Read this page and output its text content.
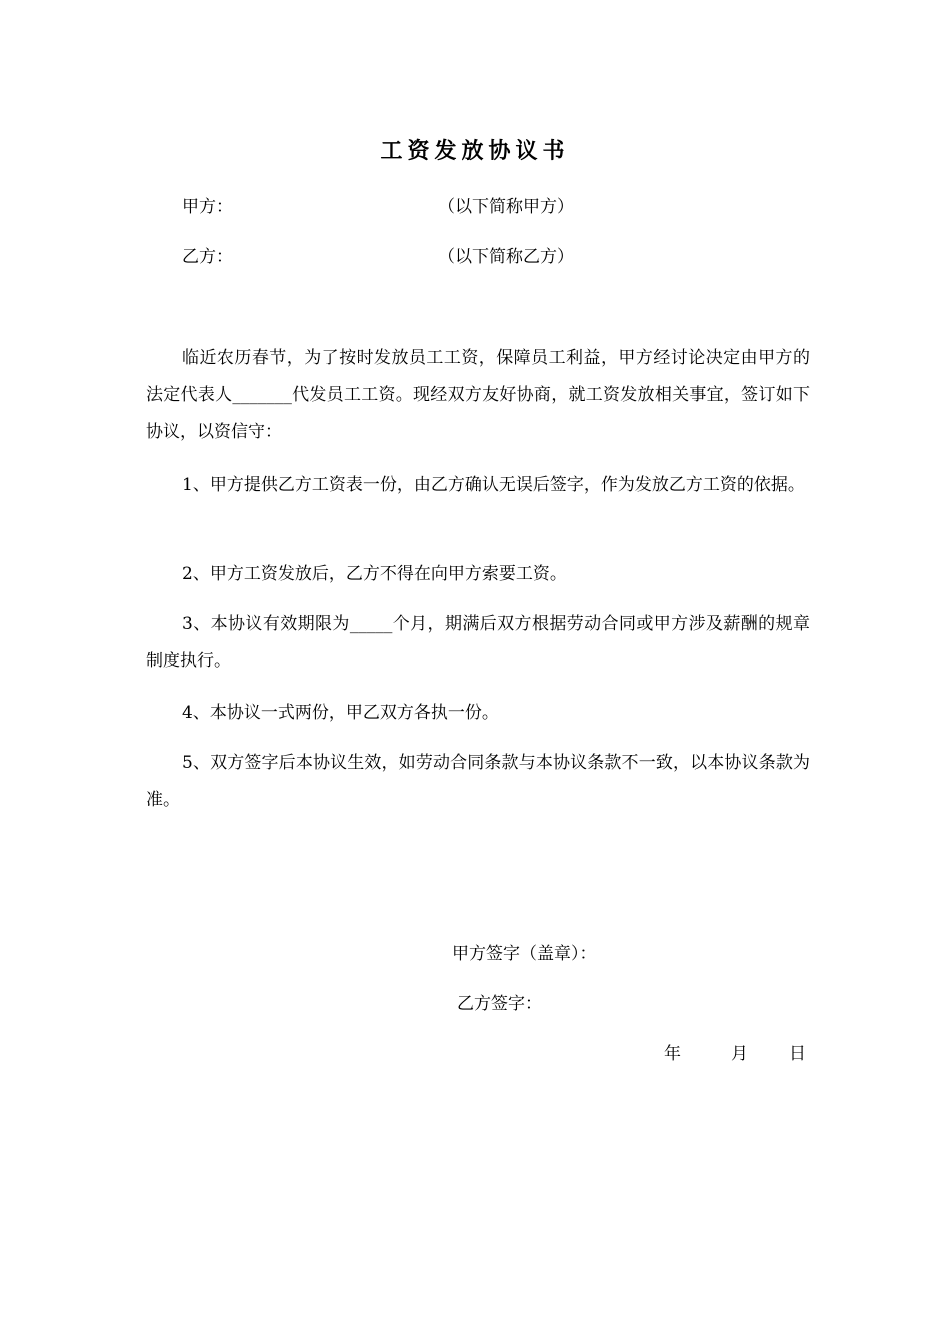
工资发放协议书
甲方：	（以下简称甲方）
乙方：	（以下简称乙方）

临近农历春节，为了按时发放员工工资，保障员工利益，甲方经讨论决定由甲方的法定代表人_______代发员工工资。现经双方友好协商，就工资发放相关事宜，签订如下协议，以资信守：

1、甲方提供乙方工资表一份，由乙方确认无误后签字，作为发放乙方工资的依据。

2、甲方工资发放后，乙方不得在向甲方索要工资。

3、本协议有效期限为_____个月，期满后双方根据劳动合同或甲方涉及薪酬的规章制度执行。

4、本协议一式两份，甲乙双方各执一份。

5、双方签字后本协议生效，如劳动合同条款与本协议条款不一致，以本协议条款为准。

甲方签字（盖章）：
乙方签字：
年	月 日
